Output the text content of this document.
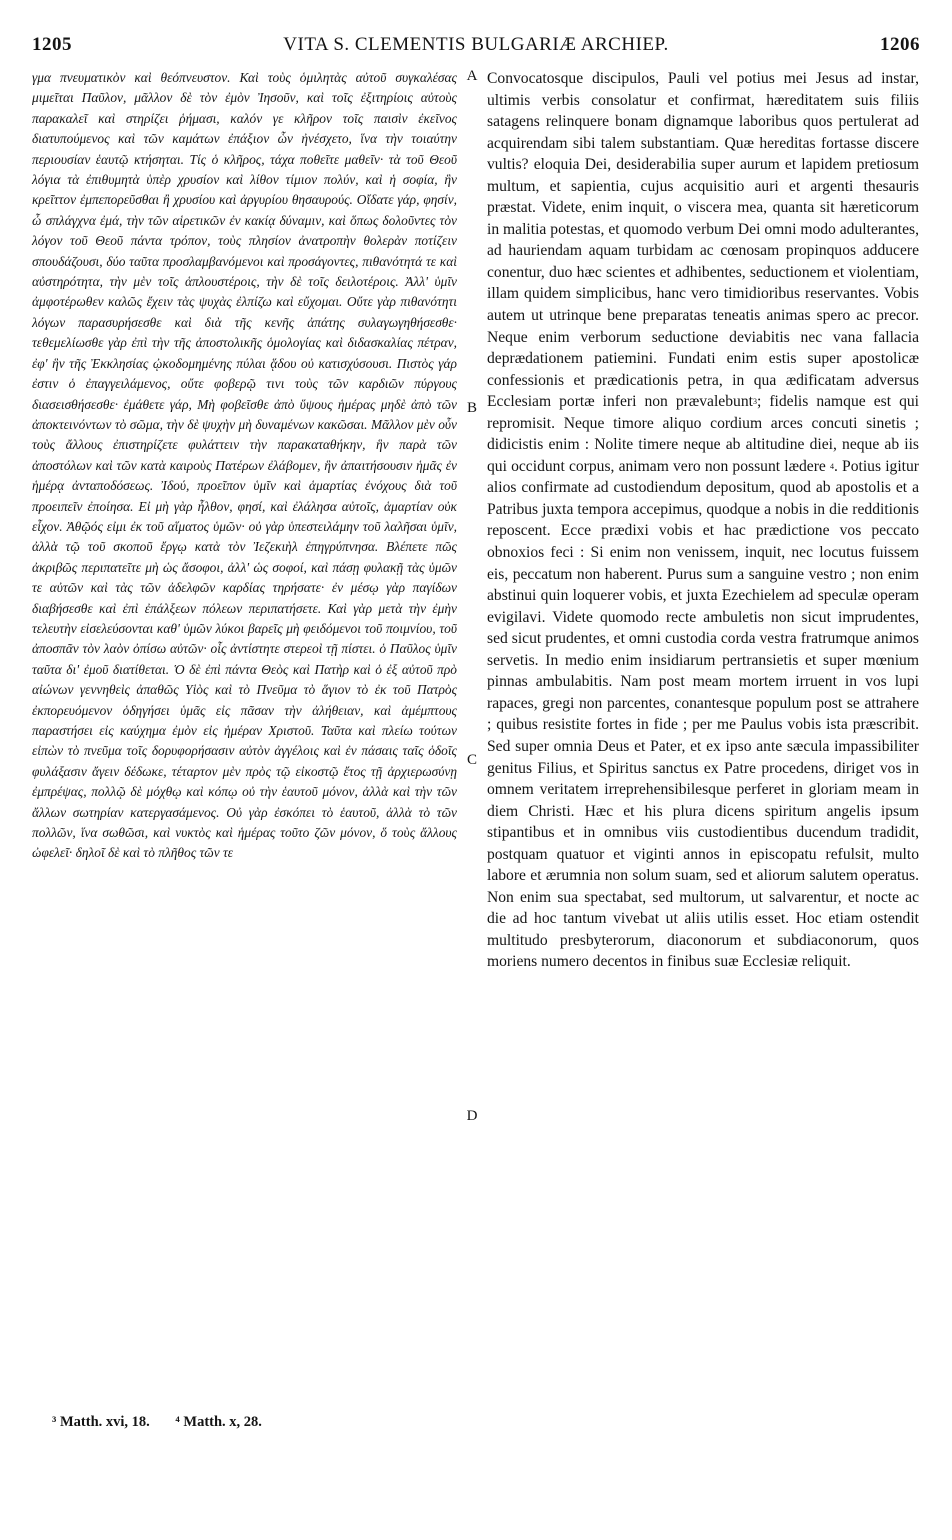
1205	VITA S. CLEMENTIS BULGARIÆ ARCHIEP.	1206

γμα πνευματικὸν καὶ θεόπνευστον. Καὶ τοὺς ὁμιλητὰς αὐτοῦ συγκαλέσας μιμεῖται Παῦλον, μᾶλλον δὲ τὸν ἐμὸν Ἰησοῦν, καὶ τοῖς ἐξιτηρίοις αὐτοὺς παρακαλεῖ καὶ στηρίζει ῥήμασι, καλόν γε κλῆρον τοῖς παισὶν ἐκεῖνος διατυπούμενος καὶ τῶν καμάτων ἐπάξιον ὧν ἠνέσχετο, ἵνα τὴν τοιαύτην περιουσίαν ἑαυτῷ κτήσηται. Τίς ὁ κλῆρος, τάχα ποθεῖτε μαθεῖν· τὰ τοῦ Θεοῦ λόγια τὰ ἐπιθυμητὰ ὑπὲρ χρυσίον καὶ λίθον τίμιον πολύν, καὶ ἡ σοφία, ἣν κρεῖττον ἐμπεπορεῦσθαι ἢ χρυσίου καὶ ἀργυρίου θησαυρούς. Οἴδατε γάρ, φησίν, ὦ σπλάγχνα ἐμά, τὴν τῶν αἱρετικῶν ἐν κακίᾳ δύναμιν, καὶ ὅπως δολοῦντες τὸν λόγον τοῦ Θεοῦ πάντα τρόπον, τοὺς πλησίον ἀνατροπὴν θολερὰν ποτίζειν σπουδάζουσι, δύο ταῦτα προσλαμβανόμενοι καὶ προσάγοντες, πιθανότητά τε καὶ αὐστηρότητα, τὴν μὲν τοῖς ἁπλουστέροις, τὴν δὲ τοῖς δειλοτέροις. Ἀλλ' ὑμῖν ἀμφοτέρωθεν καλῶς ἔχειν τὰς ψυχὰς ἐλπίζω καὶ εὔχομαι. Οὔτε γὰρ πιθανότητι λόγων παρασυρήσεσθε καὶ διὰ τῆς κενῆς ἀπάτης συλαγωγηθήσεσθε· τεθεμελίωσθε γὰρ ἐπὶ τὴν τῆς ἀποστολικῆς ὁμολογίας καὶ διδασκαλίας πέτραν, ἐφ' ἣν τῆς Ἐκκλησίας ᾠκοδομημένης πύλαι ᾅδου οὐ κατισχύσουσι. Πιστὸς γάρ ἐστιν ὁ ἐπαγγειλάμενος, οὔτε φοβερῷ τινι τοὺς τῶν καρδιῶν πύργους διασεισθήσεσθε· ἐμάθετε γάρ, Μὴ φοβεῖσθε ἀπὸ ὕψους ἡμέρας μηδὲ ἀπὸ τῶν ἀποκτεινόντων τὸ σῶμα, τὴν δὲ ψυχὴν μὴ δυναμένων κακῶσαι. Μᾶλλον μὲν οὖν τοὺς ἄλλους ἐπιστηρίζετε φυλάττειν τὴν παρακαταθήκην, ἣν παρὰ τῶν ἀποστόλων καὶ τῶν κατὰ καιροὺς Πατέρων ἐλάβομεν, ἣν ἀπαιτήσουσιν ἡμᾶς ἐν ἡμέρᾳ ἀνταποδόσεως. Ἰδού, προεῖπον ὑμῖν καὶ ἁμαρτίας ἐνόχους διὰ τοῦ προειπεῖν ἐποίησα. Εἰ μὴ γὰρ ἦλθον, φησί, καὶ ἐλάλησα αὐτοῖς, ἁμαρτίαν οὐκ εἶχον. Ἀθῷός εἰμι ἐκ τοῦ αἵματος ὑμῶν· οὐ γὰρ ὑπεστειλάμην τοῦ λαλῆσαι ὑμῖν, ἀλλὰ τῷ τοῦ σκοποῦ ἔργῳ κατὰ τὸν Ἰεζεκιὴλ ἐπηγρύπνησα. Βλέπετε πῶς ἀκριβῶς περιπατεῖτε μὴ ὡς ἄσοφοι, ἀλλ' ὡς σοφοί, καὶ πάσῃ φυλακῇ τὰς ὑμῶν τε αὐτῶν καὶ τὰς τῶν ἀδελφῶν καρδίας τηρήσατε· ἐν μέσῳ γὰρ παγίδων διαβήσεσθε καὶ ἐπὶ ἐπάλξεων πόλεων περιπατήσετε. Καὶ γὰρ μετὰ τὴν ἐμὴν τελευτὴν εἰσελεύσονται καθ' ὑμῶν λύκοι βαρεῖς μὴ φειδόμενοι τοῦ ποιμνίου, τοῦ ἀποσπᾶν τὸν λαὸν ὀπίσω αὐτῶν· οἷς ἀντίστητε στερεοὶ τῇ πίστει. ὁ Παῦλος ὑμῖν ταῦτα δι' ἐμοῦ διατίθεται. Ὁ δὲ ἐπὶ πάντα Θεὸς καὶ Πατὴρ καὶ ὁ ἐξ αὐτοῦ πρὸ αἰώνων γεννηθεὶς ἀπαθῶς Υἱὸς καὶ τὸ Πνεῦμα τὸ ἅγιον τὸ ἐκ τοῦ Πατρὸς ἐκπορευόμενον ὁδηγήσει ὑμᾶς εἰς πᾶσαν τὴν ἀλήθειαν, καὶ ἀμέμπτους παραστήσει εἰς καύχημα ἐμὸν εἰς ἡμέραν Χριστοῦ. Ταῦτα καὶ πλείω τούτων εἰπὼν τὸ πνεῦμα τοῖς δορυφορήσασιν αὐτὸν ἀγγέλοις καὶ ἐν πάσαις ταῖς ὁδοῖς φυλάξασιν ἄγειν δέδωκε, τέταρτον μὲν πρὸς τῷ εἰκοστῷ ἔτος τῇ ἀρχιερωσύνῃ ἐμπρέψας, πολλῷ δὲ μόχθῳ καὶ κόπῳ οὐ τὴν ἑαυτοῦ μόνον, ἀλλὰ καὶ τὴν τῶν ἄλλων σωτηρίαν κατεργασάμενος. Οὐ γὰρ ἐσκόπει τὸ ἑαυτοῦ, ἀλλὰ τὸ τῶν πολλῶν, ἵνα σωθῶσι, καὶ νυκτὸς καὶ ἡμέρας τοῦτο ζῶν μόνον, ὅ τοὺς ἄλλους ὠφελεῖ· δηλοῖ δὲ καὶ τὸ πλῆθος τῶν τε

A
B
C
D

Convocatosque discipulos, Pauli vel potius mei Jesus ad instar, ultimis verbis consolatur et confirmat, hæreditatem suis filiis satagens relinquere bonam dignamque laboribus quos pertulerat ad acquirendam sibi talem substantiam. Quæ hereditas fortasse discere vultis? eloquia Dei, desiderabilia super aurum et lapidem pretiosum multum, et sapientia, cujus acquisitio auri et argenti thesauris præstat. Videte, enim inquit, o viscera mea, quanta sit hæreticorum in malitia potestas, et quomodo verbum Dei omni modo adulterantes, ad hauriendam aquam turbidam ac cœnosam propinquos adducere conentur, duo hæc scientes et adhibentes, seductionem et violentiam, illam quidem simplicibus, hanc vero timidioribus reservantes. Vobis autem ut utrinque bene preparatas teneatis animas spero ac precor. Neque enim verborum seductione deviabitis nec vana fallacia deprædationem patiemini. Fundati enim estis super apostolicæ confessionis et prædicationis petra, in qua ædificatam adversus Ecclesiam portæ inferi non prævalebunt$^3$; fidelis namque est qui repromisit. Neque timore aliquo cordium arces concuti sinetis ; didicistis enim : Nolite timere neque ab altitudine diei, neque ab iis qui occidunt corpus, animam vero non possunt lædere $^4$. Potius igitur alios confirmate ad custodiendum depositum, quod ab apostolis et a Patribus juxta tempora accepimus, quodque a nobis in die redditionis reposcent. Ecce prædixi vobis et hac prædictione vos peccato obnoxios feci : Si enim non venissem, inquit, nec locutus fuissem eis, peccatum non haberent. Purus sum a sanguine vestro ; non enim abstinui quin loquerer vobis, et juxta Ezechielem ad speculæ operam evigilavi. Videte quomodo recte ambuletis non sicut imprudentes, sed sicut prudentes, et omni custodia corda vestra fratrumque animos servetis. In medio enim insidiarum pertransietis et super mœnium pinnas ambulabitis. Nam post meam mortem irruent in vos lupi rapaces, gregi non parcentes, conantesque populum post se attrahere ; quibus resistite fortes in fide ; per me Paulus vobis ista præscribit. Sed super omnia Deus et Pater, et ex ipso ante sæcula impassibiliter genitus Filius, et Spiritus sanctus ex Patre procedens, diriget vos in omnem veritatem irreprehensibilesque perferet in gloriam meam in diem Christi. Hæc et his plura dicens spiritum angelis ipsum stipantibus et in omnibus viis custodientibus ducendum tradidit, postquam quatuor et viginti annos in episcopatu refulsit, multo labore et ærumnia non solum suam, sed et aliorum salutem operatus. Non enim sua spectabat, sed multorum, ut salvarentur, et nocte ac die ad hoc tantum vivebat ut aliis utilis esset. Hoc etiam ostendit multitudo presbyterorum, diaconorum et subdiaconorum, quos moriens numero decentos in finibus suæ Ecclesiæ reliquit.

³ Matth. xvi, 18. ⁴ Matth. x, 28.
